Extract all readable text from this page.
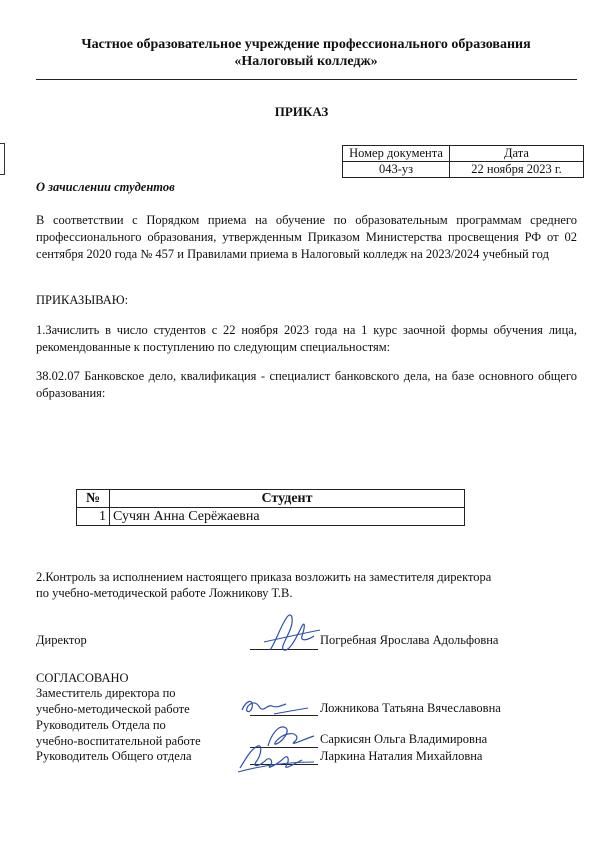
Частное образовательное учреждение профессионального образования
«Налоговый колледж»
ПРИКАЗ
Номер документа	Дата
043-уз	22 ноября 2023 г.
О зачислении студентов
В соответствии с Порядком приема на обучение по образовательным программам среднего профессионального образования, утвержденным Приказом Министерства просвещения РФ от 02 сентября 2020 года № 457 и Правилами приема в Налоговый колледж на 2023/2024 учебный год
ПРИКАЗЫВАЮ:
1.Зачислить в число студентов с 22 ноября 2023 года на 1 курс заочной формы обучения лица, рекомендованные к поступлению по следующим специальностям:
38.02.07 Банковское дело, квалификация - специалист банковского дела, на базе основного общего образования:
№	Студент
1	Сучян Анна Серёжаевна
2.Контроль за исполнением настоящего приказа возложить на заместителя директора
по учебно-методической работе Ложникову Т.В.
Директор	Погребная Ярослава Адольфовна
СОГЛАСОВАНО
Заместитель директора по
учебно-методической работе	Ложникова Татьяна Вячеславовна
Руководитель Отдела по
учебно-воспитательной работе	Саркисян Ольга Владимировна
Руководитель Общего отдела	Ларкина Наталия Михайловна
